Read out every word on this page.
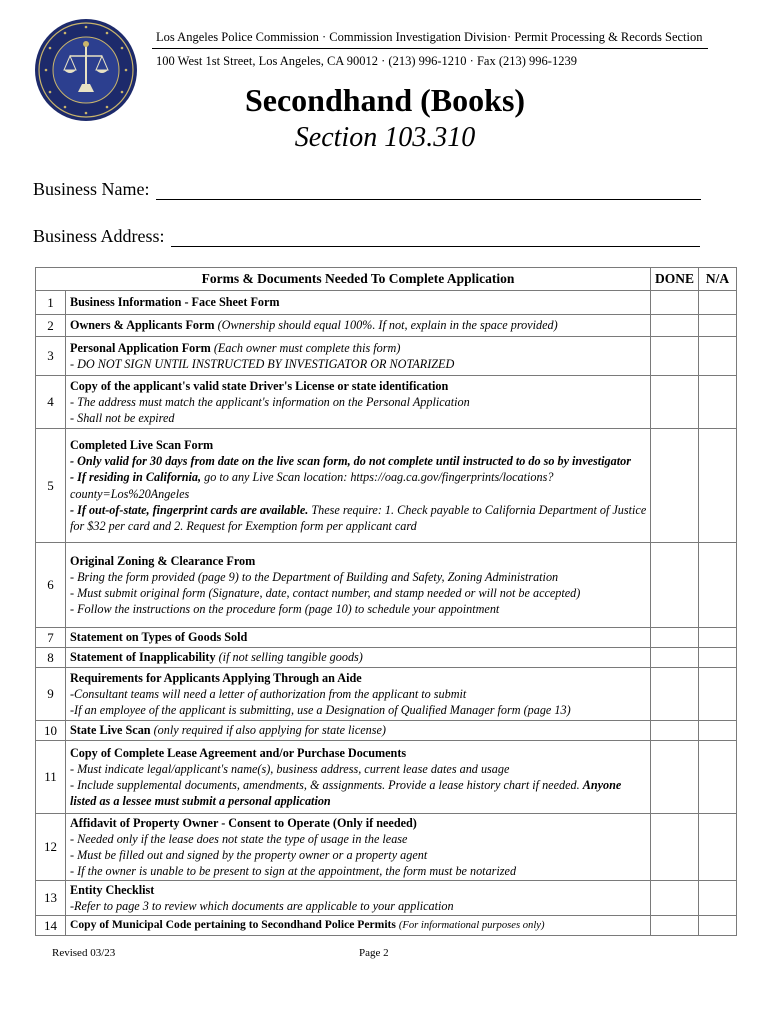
Los Angeles Police Commission · Commission Investigation Division· Permit Processing & Records Section
100 West 1st Street, Los Angeles, CA 90012 · (213) 996-1210 · Fax (213) 996-1239
Secondhand (Books)
Section 103.310
Business Name:
Business Address:
Forms & Documents Needed To Complete Application		DONE	N/A
1	Business Information - Face Sheet Form		
2	Owners & Applicants Form (Ownership should equal 100%. If not, explain in the space provided)		
3	Personal Application Form (Each owner must complete this form)
- DO NOT SIGN UNTIL INSTRUCTED BY INVESTIGATOR OR NOTARIZED		
4	Copy of the applicant's valid state Driver's License or state identification
- The address must match the applicant's information on the Personal Application
- Shall not be expired		
5	Completed Live Scan Form
- Only valid for 30 days from date on the live scan form, do not complete until instructed to do so by investigator
- If residing in California, go to any Live Scan location: https://oag.ca.gov/fingerprints/locations?county=Los%20Angeles
- If out-of-state, fingerprint cards are available. These require: 1. Check payable to California Department of Justice for $32 per card and 2. Request for Exemption form per applicant card		
6	Original Zoning & Clearance From
- Bring the form provided (page 9) to the Department of Building and Safety, Zoning Administration
- Must submit original form (Signature, date, contact number, and stamp needed or will not be accepted)
- Follow the instructions on the procedure form (page 10) to schedule your appointment		
7	Statement on Types of Goods Sold		
8	Statement of Inapplicability (if not selling tangible goods)		
9	Requirements for Applicants Applying Through an Aide
-Consultant teams will need a letter of authorization from the applicant to submit
-If an employee of the applicant is submitting, use a Designation of Qualified Manager form (page 13)		
10	State Live Scan (only required if also applying for state license)		
11	Copy of Complete Lease Agreement and/or Purchase Documents
- Must indicate legal/applicant's name(s), business address, current lease dates and usage
- Include supplemental documents, amendments, & assignments. Provide a lease history chart if needed. Anyone listed as a lessee must submit a personal application		
12	Affidavit of Property Owner - Consent to Operate (Only if needed)
- Needed only if the lease does not state the type of usage in the lease
- Must be filled out and signed by the property owner or a property agent
- If the owner is unable to be present to sign at the appointment, the form must be notarized		
13	Entity Checklist
-Refer to page 3 to review which documents are applicable to your application		
14	Copy of Municipal Code pertaining to Secondhand Police Permits (For informational purposes only)		
Revised 03/23	Page 2
